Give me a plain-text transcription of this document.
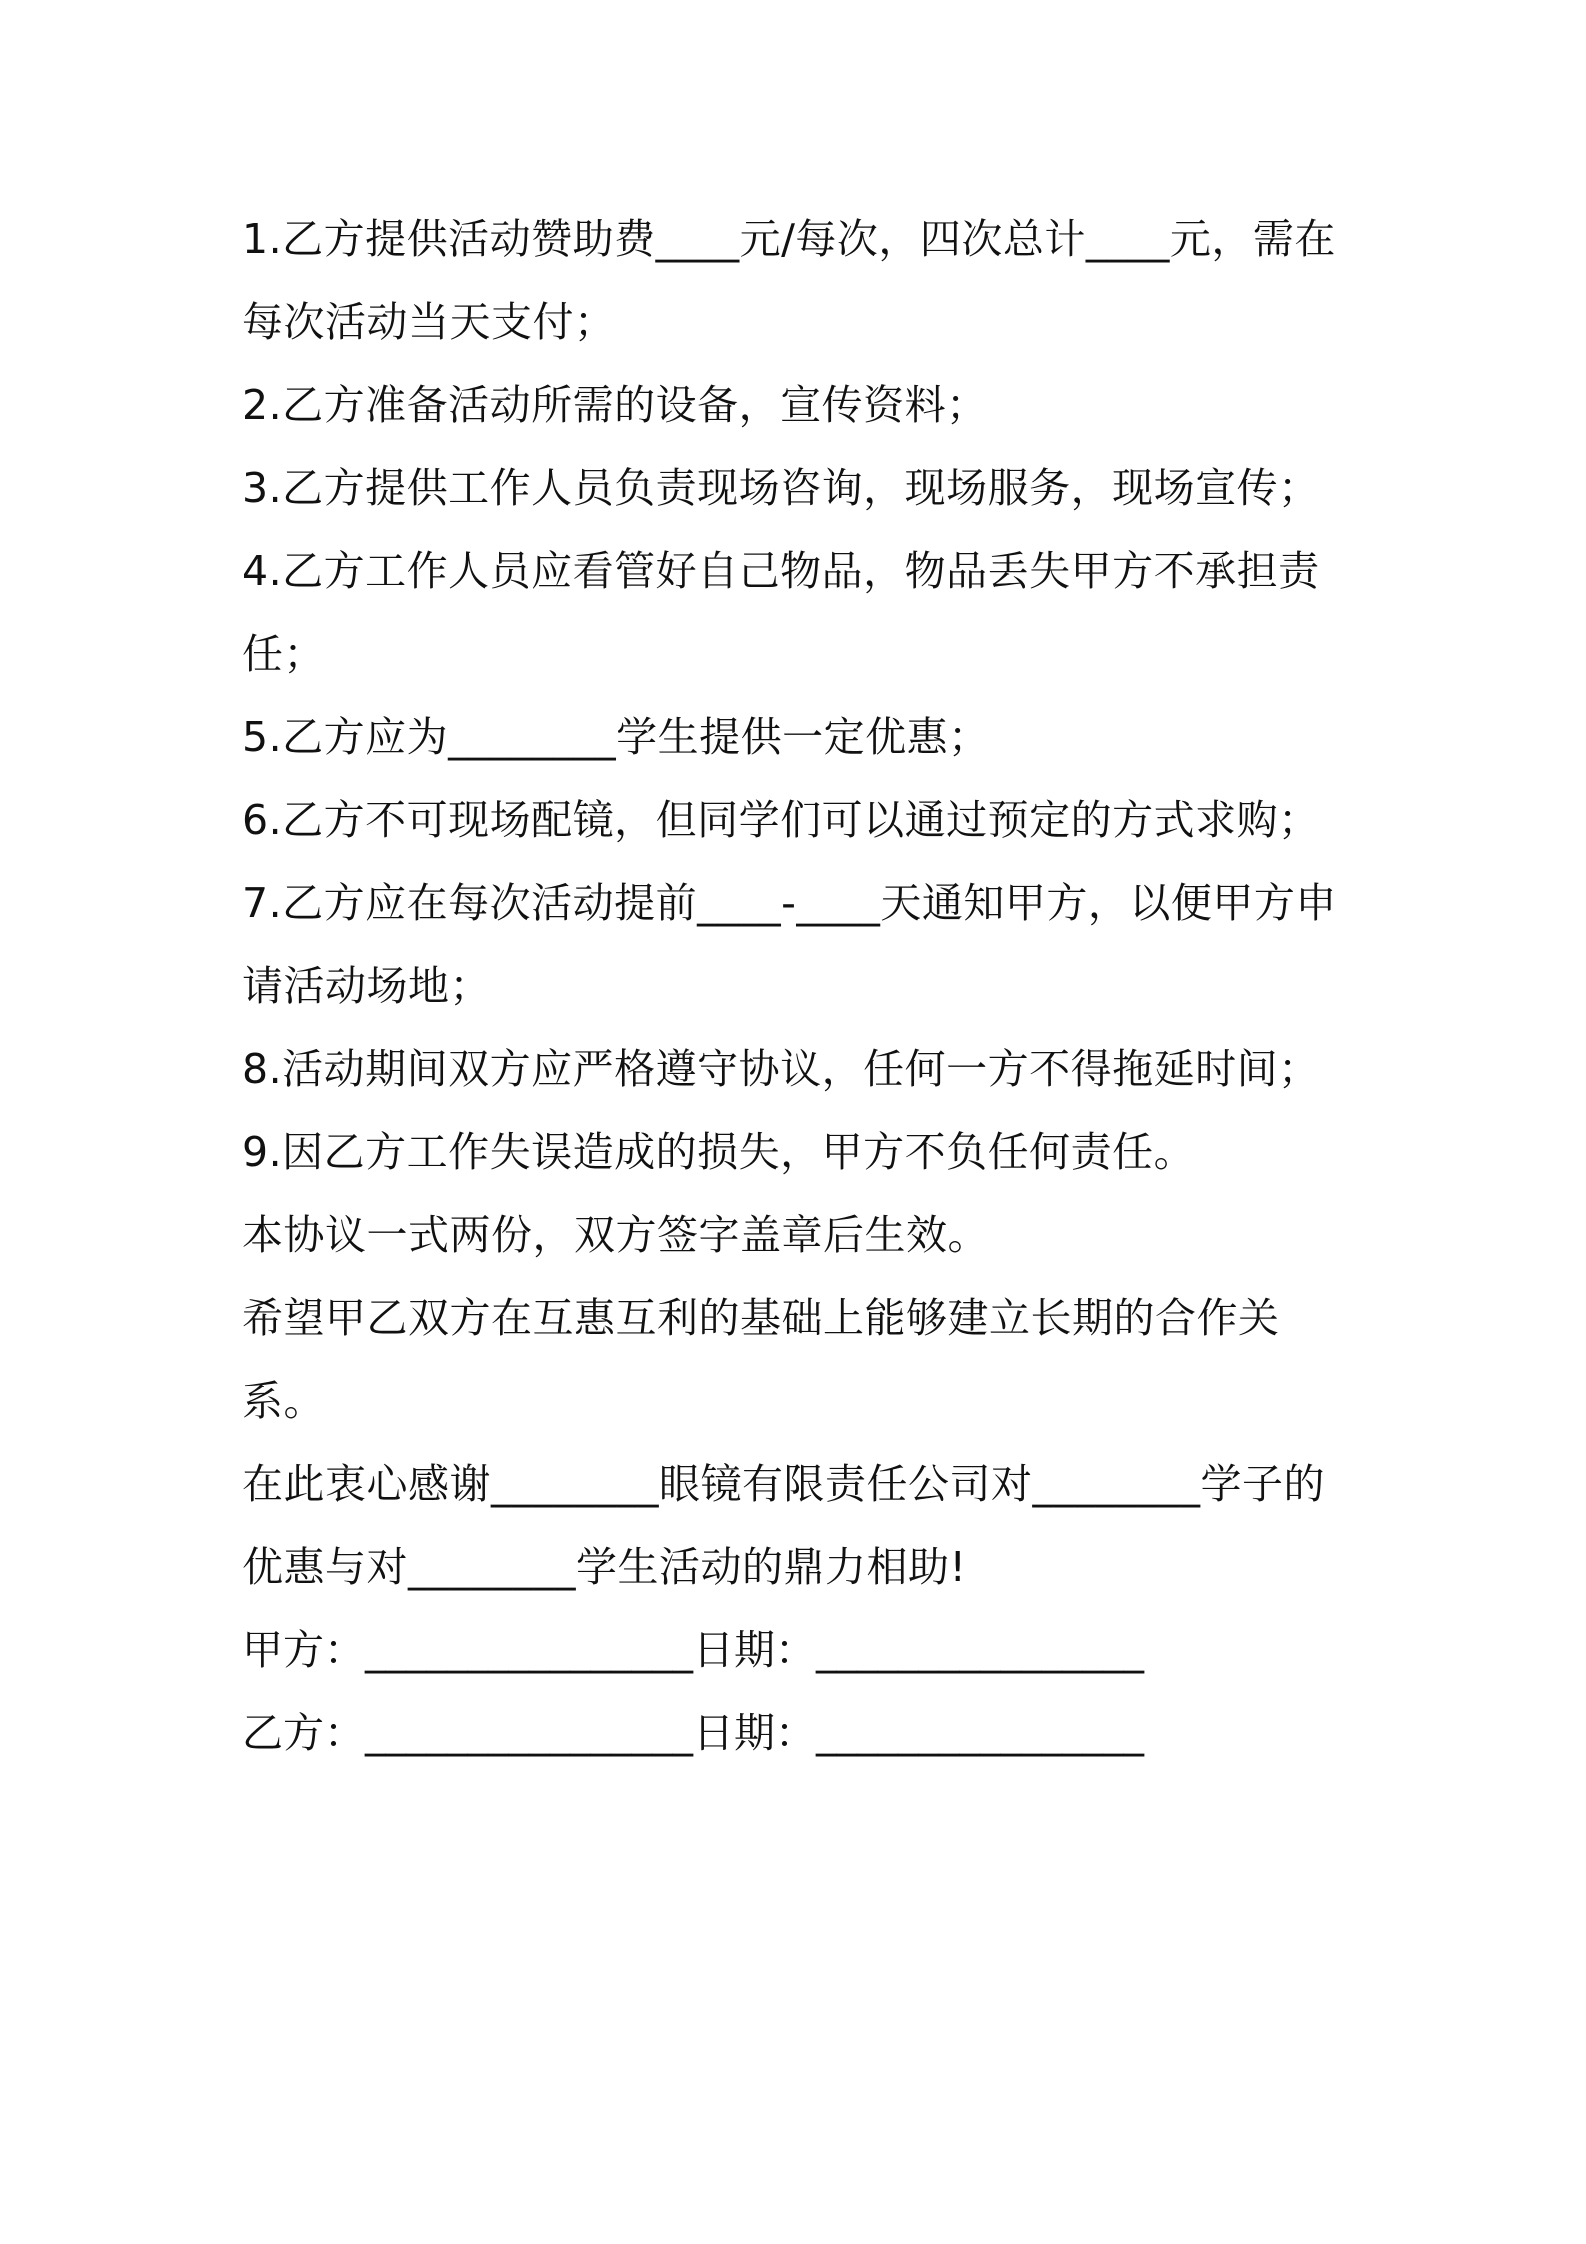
1.乙方提供活动赞助费____元/每次，四次总计____元，需在每次活动当天支付；

2.乙方准备活动所需的设备，宣传资料；

3.乙方提供工作人员负责现场咨询，现场服务，现场宣传；

4.乙方工作人员应看管好自己物品，物品丢失甲方不承担责任；

5.乙方应为________学生提供一定优惠；

6.乙方不可现场配镜，但同学们可以通过预定的方式求购；

7.乙方应在每次活动提前____-____天通知甲方，以便甲方申请活动场地；

8.活动期间双方应严格遵守协议，任何一方不得拖延时间；

9.因乙方工作失误造成的损失，甲方不负任何责任。

本协议一式两份，双方签字盖章后生效。

希望甲乙双方在互惠互利的基础上能够建立长期的合作关系。

在此衷心感谢________眼镜有限责任公司对________学子的优惠与对________学生活动的鼎力相助!

甲方：________________日期：________________

乙方：________________日期：________________
